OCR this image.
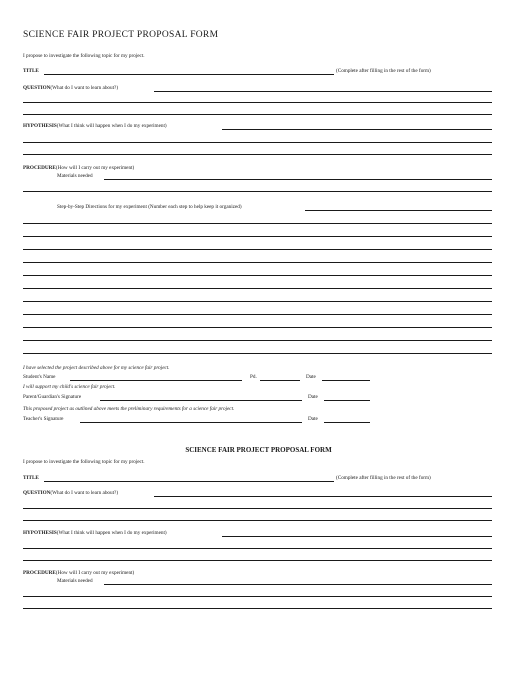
SCIENCE FAIR PROJECT PROPOSAL FORM
I propose to investigate the following topic for my project.
TITLE	(Complete after filling in the rest of the form)
QUESTION(What do I want to learn about?)
HYPOTHESIS(What I think will happen when I do my experiment)
PROCEDURE(How will I carry out my experiment)
Materials needed
Step-by-Step Directions for my experiment (Number each step to help keep it organized)
I have selected the project described above for my science fair project.
Student's Name	Pd.	Date
I will support my child's science fair project.
Parent/Guardian's Signature	Date
This proposed project as outlined above meets the preliminary requirements for a science fair project.
Teacher's Signature	Date
SCIENCE FAIR PROJECT PROPOSAL FORM
I propose to investigate the following topic for my project.
TITLE	(Complete after filling in the rest of the form)
QUESTION(What do I want to learn about?)
HYPOTHESIS(What I think will happen when I do my experiment)
PROCEDURE(How will I carry out my experiment)
Materials needed
